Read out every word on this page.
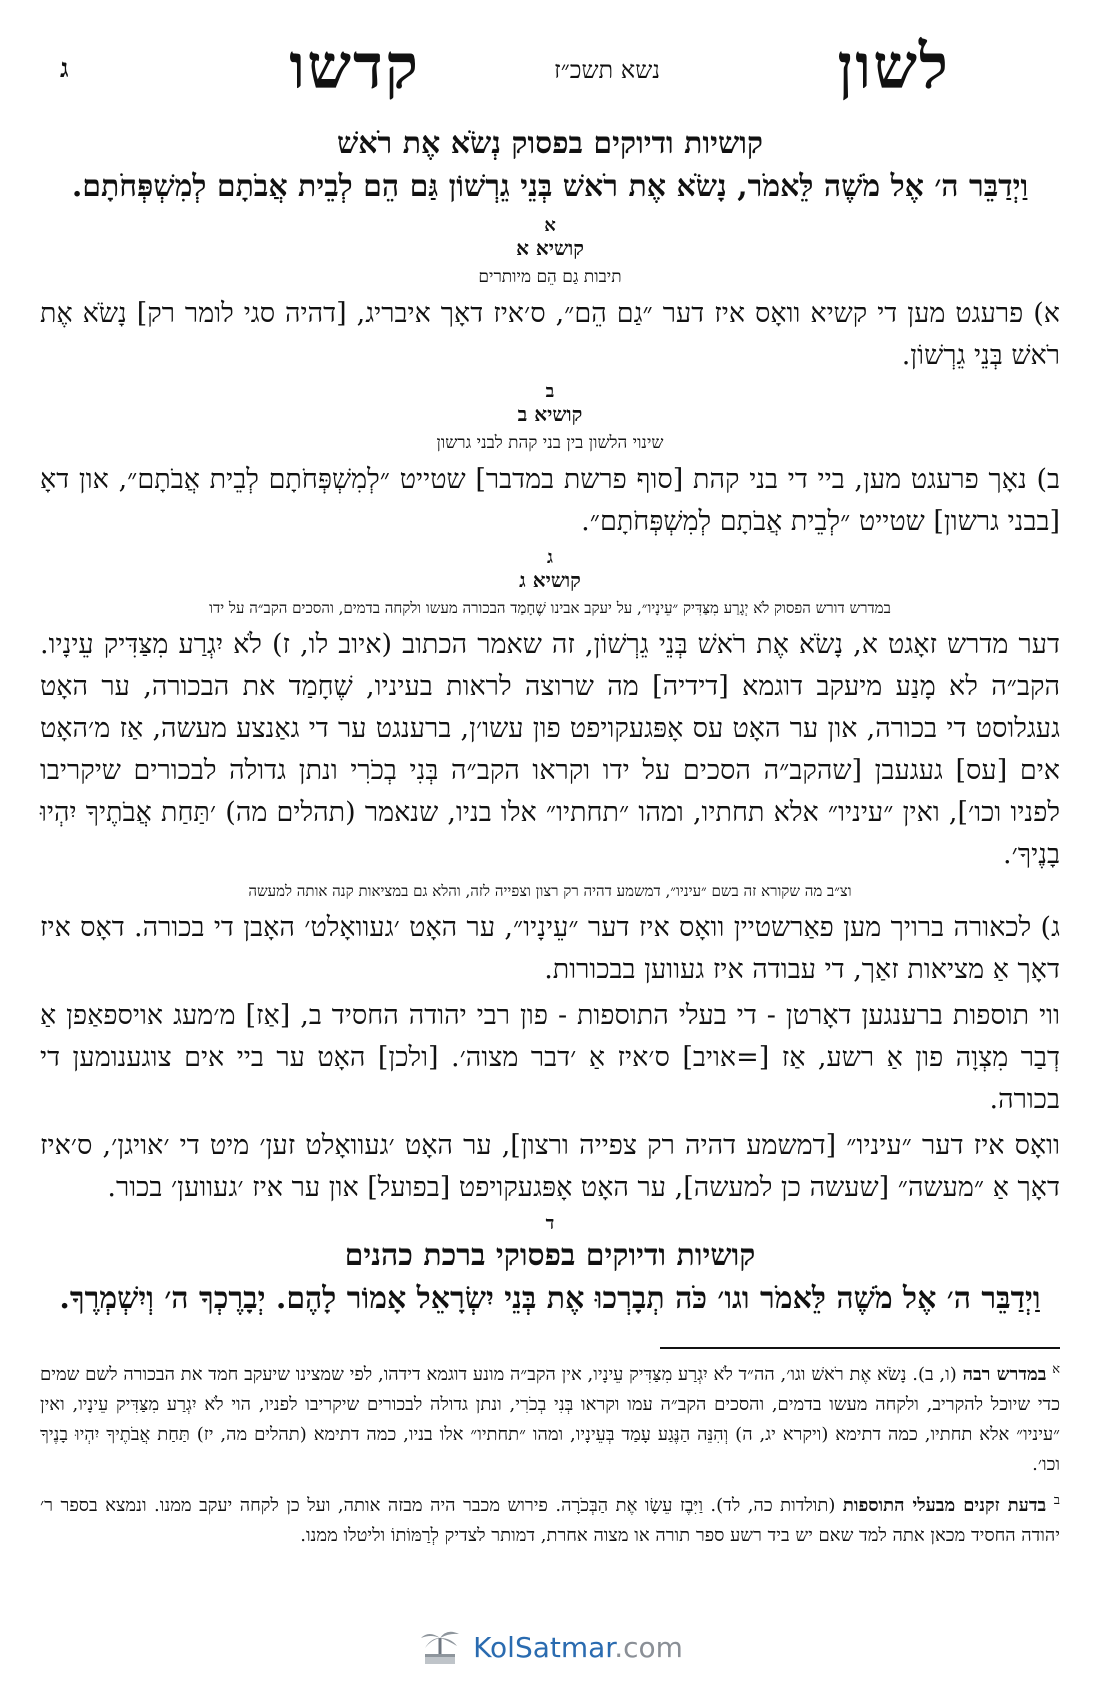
לשון
קדשו	נשא תשכ״ז
ג
קושיות ודיוקים בפסוק נְשֹׂא אֶת רֹאשׁ
וַיְדַבֵּר ה׳ אֶל מֹשֶׁה לֵּאמֹר, נָשֹׂא אֶת רֹאשׁ בְּנֵי גֵרְשׁוֹן גַּם הֵם לְבֵית אֲבֹתָם לְמִשְׁפְּחֹתָם.
א
קושיא א
תיבות גַם הֵם מיותרים

א) פרעגט מען די קשיא וואָס איז דער ״גַם הֵם״, ס׳איז דאָך איבריג, [דהיה סגי לומר רק] נָשֹׂא אֶת רֹאשׁ בְּנֵי גֵרְשׁוֹן.

ב
קושיא ב
שינוי הלשון בין בני קהת לבני גרשון

ב) נאָך פרעגט מען, ביי די בני קהת [סוף פרשת במדבר] שטייט ״לְמִשְׁפְּחֹתָם לְבֵית אֲבֹתָם״, און דאָ [בבני גרשון] שטייט ״לְבֵית אֲבֹתָם לְמִשְׁפְּחֹתָם״.

ג
קושיא ג
במדרש דורש הפסוק לֹא יְגָרַע מִצַּדִּיק ״עֵינָיו״, על יעקב אבינו שֶׁחָמַד הבכורה מעשו ולקחה בדמים, והסכים הקב״ה על ידו

דער מדרש זאָגט א, נָשֹׂא אֶת רֹאשׁ בְּנֵי גֵרְשׁוֹן, זה שאמר הכתוב (איוב לו, ז) לֹא יִגְרַע מִצַּדִּיק עֵינָיו. הקב״ה לא מָנַע מיעקב דוגמא [דידיה] מה שרוצה לראות בעיניו, שֶׁחָמַד את הבכורה, ער האָט געגלוסט די בכורה, און ער האָט עס אָפּגעקויפט פון עשו׳ן, ברענגט ער די גאַנצע מעשה, אַז מ׳האָט אים [עס] געגעבן [שהקב״ה הסכים על ידו וקראו הקב״ה בְּנִי בְכֹרִי ונתן גדולה לבכורים שיקריבו לפניו וכו׳], ואין ״עיניו״ אלא תחתיו, ומהו ״תחתיו״ אלו בניו, שנאמר (תהלים מה) ׳תַּחַת אֲבֹתֶיךָ יִהְיוּ בָנֶיךָ׳.

וצ״ב מה שקורא זה בשם ״עיניו״, דמשמע דהיה רק רצון וצפייה לזה, והלא גם במציאות קנה אותה למעשה

ג) לכאורה ברויך מען פאַרשטיין וואָס איז דער ״עֵינָיו״, ער האָט ׳געוואָלט׳ האָבן די בכורה. דאָס איז דאָך אַ מציאות זאַך, די עבודה איז געווען בבכורות.

ווי תוספות ברענגען דאָרטן - די בעלי התוספות - פון רבי יהודה החסיד ב, [אַז] מ׳מעג אויספאַפן אַ דְבַר מִצְוָה פון אַ רשע, אַז [=אויב] ס׳איז אַ ׳דבר מצוה׳. [ולכן] האָט ער ביי אים צוגענומען די בכורה.

וואָס איז דער ״עיניו״ [דמשמע דהיה רק צפייה ורצון], ער האָט ׳געוואָלט זען׳ מיט די ׳אויגן׳, ס׳איז דאָך אַ ״מעשה״ [שעשה כן למעשה], ער האָט אָפּגעקויפט [בפועל] און ער איז ׳געווען׳ בכור.

ד
קושיות ודיוקים בפסוקי ברכת כהנים
וַיְדַבֵּר ה׳ אֶל מֹשֶׁה לֵּאמֹר וגו׳ כֹּה תְבָרְכוּ אֶת בְּנֵי יִשְׂרָאֵל אָמוֹר לָהֶם. יְבָרֶכְךָ ה׳ וְיִשְׁמְרֶךָ.

$^א$ במדרש רבה (ו, ב). נָשֹׂא אֶת רֹאשׁ וגו׳, הה״ד לֹא יִגְרַע מִצַּדִּיק עֵינָיו, אין הקב״ה מונע דוגמא דידהו, לפי שמצינו שיעקב חמד את הבכורה לשם שמים כדי שיוכל להקריב, ולקחה מעשו בדמים, והסכים הקב״ה עמו וקראו בְּנִי בְכֹרִי, ונתן גדולה לבכורים שיקריבו לפניו, הוי לֹא יִגְרַע מִצַּדִּיק עֵינָיו, ואין ״עיניו״ אלא תחתיו, כמה דתימא (ויקרא יג, ה) וְהִנֵּה הַנֶּגַע עָמַד בְּעֵינָיו, ומהו ״תחתיו״ אלו בניו, כמה דתימא (תהלים מה, יז) תַּחַת אֲבֹתֶיךָ יִהְיוּ בָנֶיךָ וכו׳.

$^ב$ בדעת זקנים מבעלי התוספות (תולדות כה, לד). וַיִּבֶז עֵשָׂו אֶת הַבְּכֹרָה. פירוש מכבר היה מבזה אותה, ועל כן לקחה יעקב ממנו. ונמצא בספר ר׳ יהודה החסיד מכאן אתה למד שאם יש ביד רשע ספר תורה או מצוה אחרת, דמותר לצדיק לְרַמּוֹתוֹ וליטלו ממנו.

KolSatmar.com
